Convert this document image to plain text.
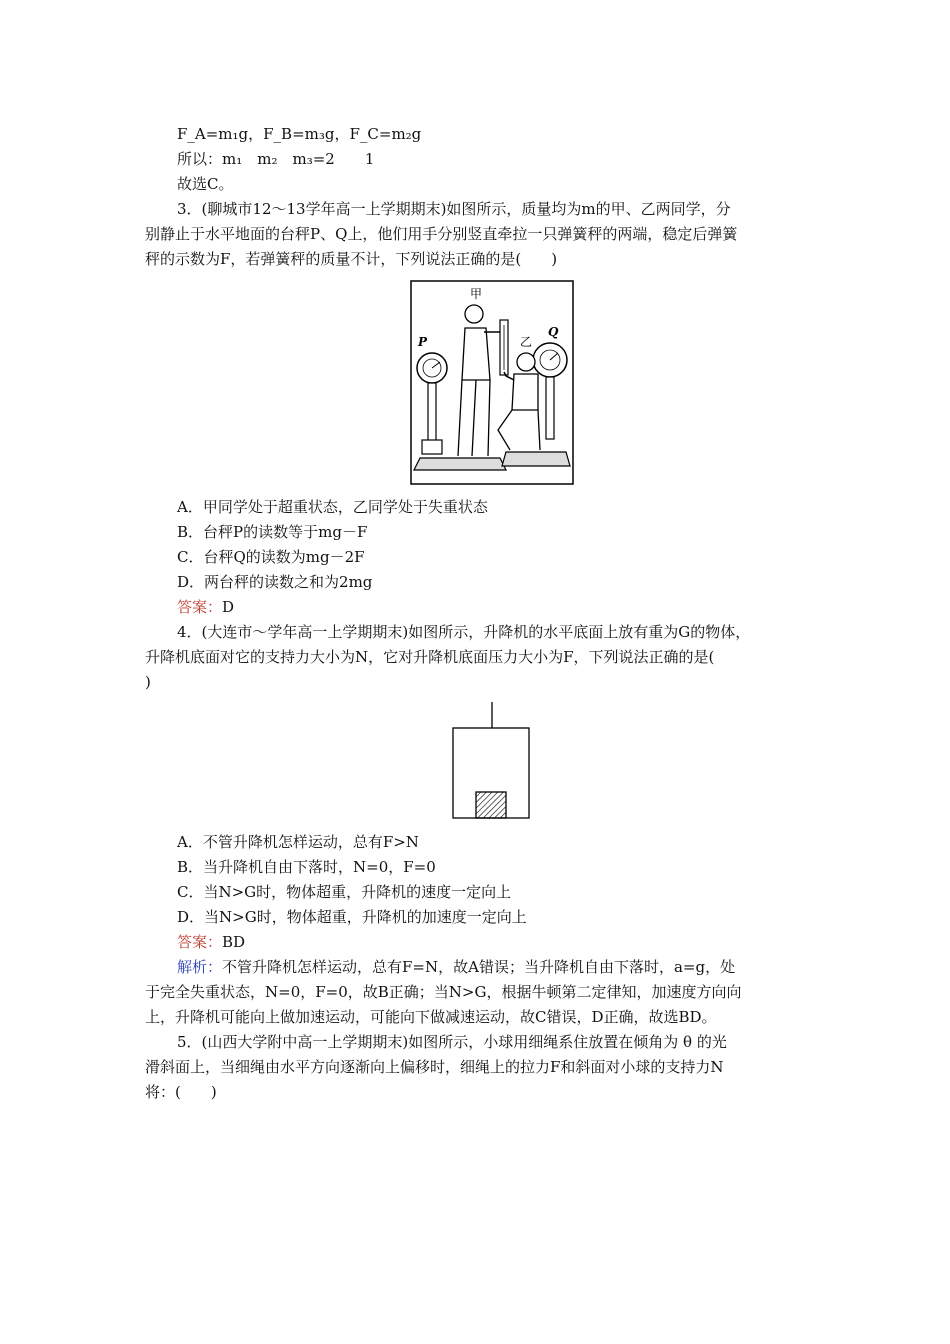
F_A=m₁g，F_B=m₃g，F_C=m₂g
所以：m₁　m₂　m₃=2　　1
故选C。
3．(聊城市12～13学年高一上学期期末)如图所示，质量均为m的甲、乙两同学，分
别静止于水平地面的台秤P、Q上，他们用手分别竖直牵拉一只弹簧秤的两端，稳定后弹簧
秤的示数为F，若弹簧秤的质量不计，下列说法正确的是(　　)
甲
乙
P
Q
A．甲同学处于超重状态，乙同学处于失重状态
B．台秤P的读数等于mg－F
C．台秤Q的读数为mg－2F
D．两台秤的读数之和为2mg
答案：D
4．(大连市～学年高一上学期期末)如图所示，升降机的水平底面上放有重为G的物体，
升降机底面对它的支持力大小为N，它对升降机底面压力大小为F，下列说法正确的是(
)
A．不管升降机怎样运动，总有F>N
B．当升降机自由下落时，N=0，F=0
C．当N>G时，物体超重，升降机的速度一定向上
D．当N>G时，物体超重，升降机的加速度一定向上
答案：BD
解析：不管升降机怎样运动，总有F=N，故A错误；当升降机自由下落时，a=g，处
于完全失重状态，N=0，F=0，故B正确；当N>G，根据牛顿第二定律知，加速度方向向
上，升降机可能向上做加速运动，可能向下做减速运动，故C错误，D正确，故选BD。
5．(山西大学附中高一上学期期末)如图所示，小球用细绳系住放置在倾角为 θ 的光
滑斜面上，当细绳由水平方向逐渐向上偏移时，细绳上的拉力F和斜面对小球的支持力N
将：(　　)
